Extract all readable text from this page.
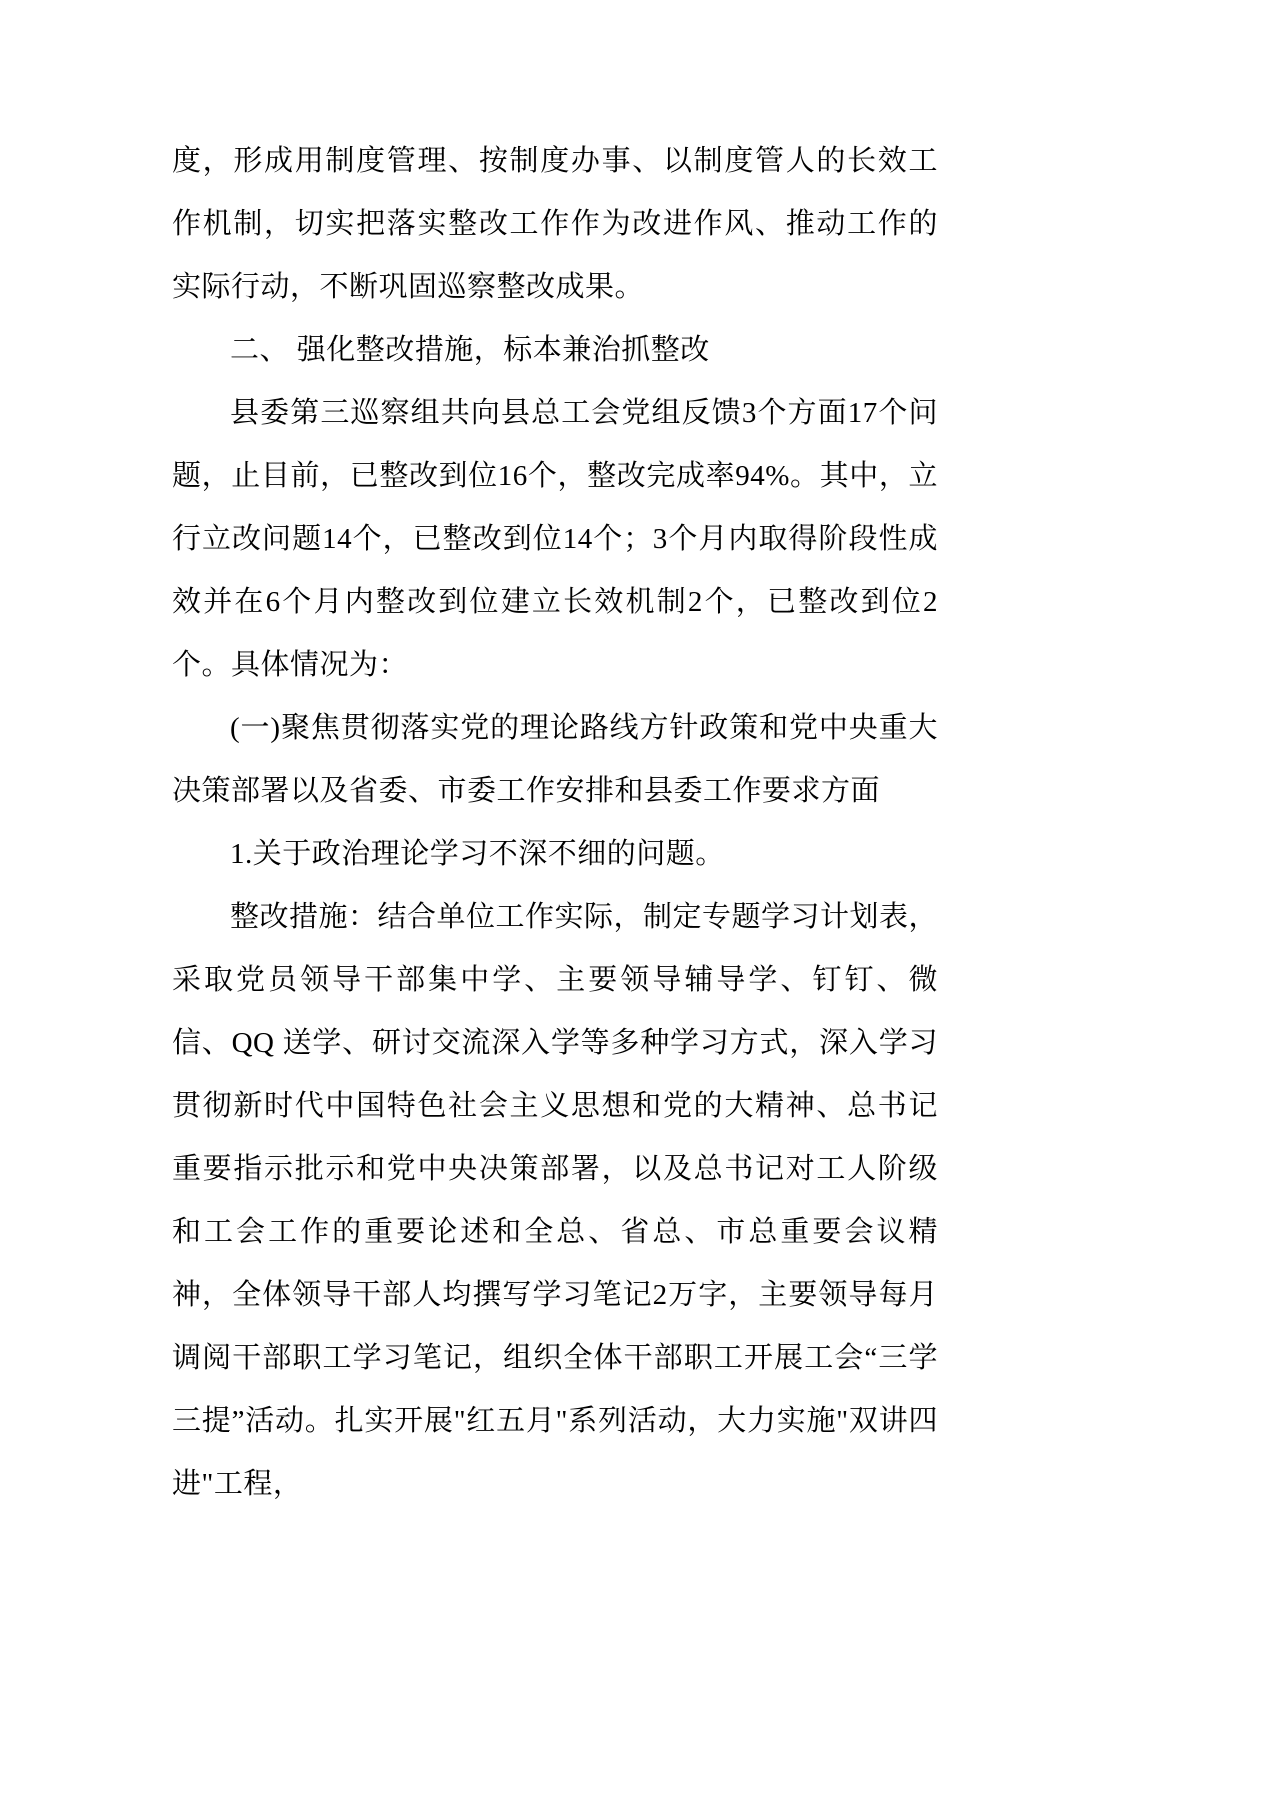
度，形成用制度管理、按制度办事、以制度管人的长效工作机制，切实把落实整改工作作为改进作风、推动工作的实际行动，不断巩固巡察整改成果。
二、 强化整改措施，标本兼治抓整改
县委第三巡察组共向县总工会党组反馈3个方面17个问题，止目前，已整改到位16个，整改完成率94%。其中，立行立改问题14个，已整改到位14个；3个月内取得阶段性成效并在6个月内整改到位建立长效机制2个，已整改到位2个。具体情况为：
(一)聚焦贯彻落实党的理论路线方针政策和党中央重大决策部署以及省委、市委工作安排和县委工作要求方面
1.关于政治理论学习不深不细的问题。
整改措施：结合单位工作实际，制定专题学习计划表，采取党员领导干部集中学、主要领导辅导学、钉钉、微信、QQ 送学、研讨交流深入学等多种学习方式，深入学习贯彻新时代中国特色社会主义思想和党的大精神、总书记重要指示批示和党中央决策部署，以及总书记对工人阶级和工会工作的重要论述和全总、省总、市总重要会议精神，全体领导干部人均撰写学习笔记2万字，主要领导每月调阅干部职工学习笔记，组织全体干部职工开展工会“三学三提”活动。扎实开展"红五月"系列活动，大力实施"双讲四进"工程，
